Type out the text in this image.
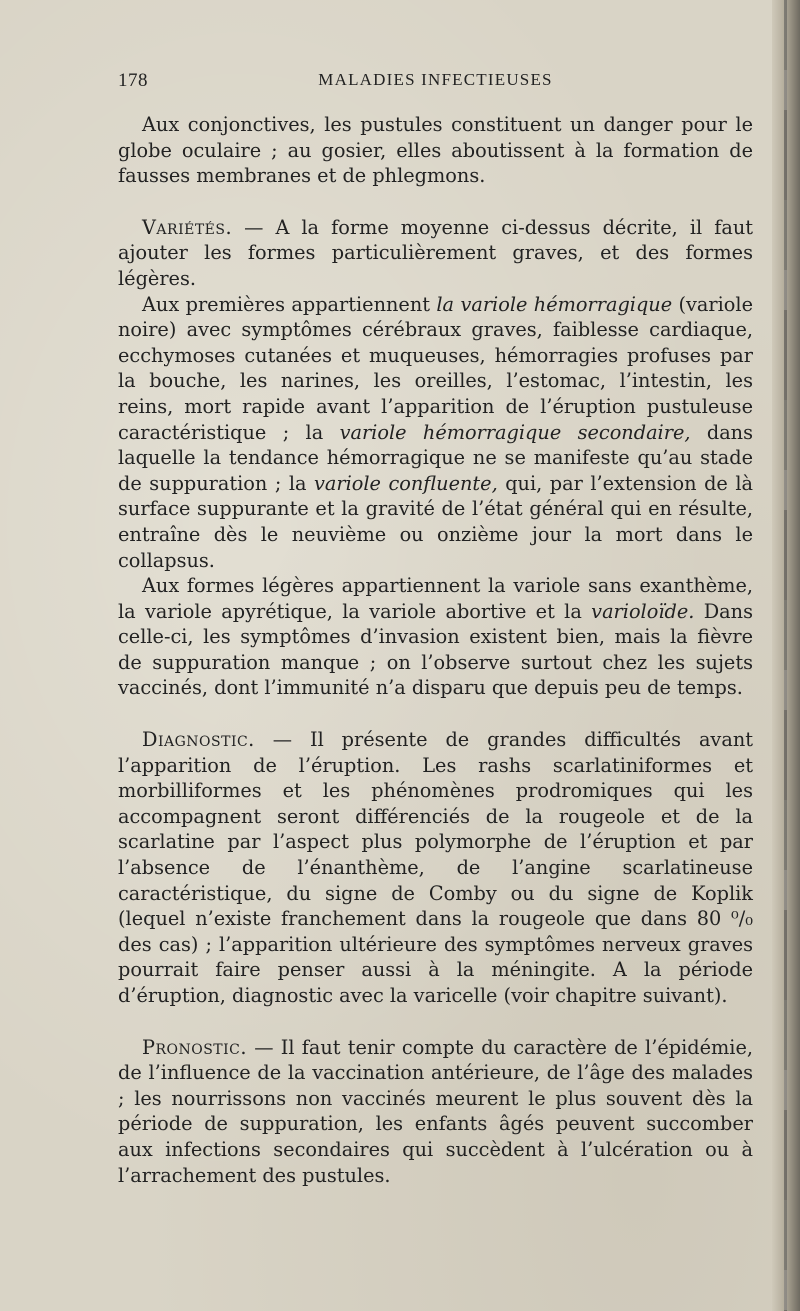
178	MALADIES INFECTIEUSES

Aux conjonctives, les pustules constituent un danger pour le globe oculaire ; au gosier, elles aboutissent à la formation de fausses membranes et de phlegmons.

Variétés. — A la forme moyenne ci-dessus décrite, il faut ajouter les formes particulièrement graves, et des formes légères.

Aux premières appartiennent la variole hémorragique (variole noire) avec symptômes cérébraux graves, faiblesse cardiaque, ecchymoses cutanées et muqueuses, hémorragies profuses par la bouche, les narines, les oreilles, l’estomac, l’intestin, les reins, mort rapide avant l’apparition de l’éruption pustuleuse caractéristique ; la variole hémorragique secondaire, dans laquelle la tendance hémorragique ne se manifeste qu’au stade de suppuration ; la variole confluente, qui, par l’extension de là surface suppurante et la gravité de l’état général qui en résulte, entraîne dès le neuvième ou onzième jour la mort dans le collapsus.

Aux formes légères appartiennent la variole sans exanthème, la variole apyrétique, la variole abortive et la varioloïde. Dans celle-ci, les symptômes d’invasion existent bien, mais la fièvre de suppuration manque ; on l’observe surtout chez les sujets vaccinés, dont l’immunité n’a disparu que depuis peu de temps.

Diagnostic. — Il présente de grandes difficultés avant l’apparition de l’éruption. Les rashs scarlatiniformes et morbilliformes et les phénomènes prodromiques qui les accompagnent seront différenciés de la rougeole et de la scarlatine par l’aspect plus polymorphe de l’éruption et par l’absence de l’énanthème, de l’angine scarlatineuse caractéristique, du signe de Comby ou du signe de Koplik (lequel n’existe franchement dans la rougeole que dans 80 ⁰/₀ des cas) ; l’apparition ultérieure des symptômes nerveux graves pourrait faire penser aussi à la méningite. A la période d’éruption, diagnostic avec la varicelle (voir chapitre suivant).

Pronostic. — Il faut tenir compte du caractère de l’épidémie, de l’influence de la vaccination antérieure, de l’âge des malades ; les nourrissons non vaccinés meurent le plus souvent dès la période de suppuration, les enfants âgés peuvent succomber aux infections secondaires qui succèdent à l’ulcération ou à l’arrachement des pustules.
